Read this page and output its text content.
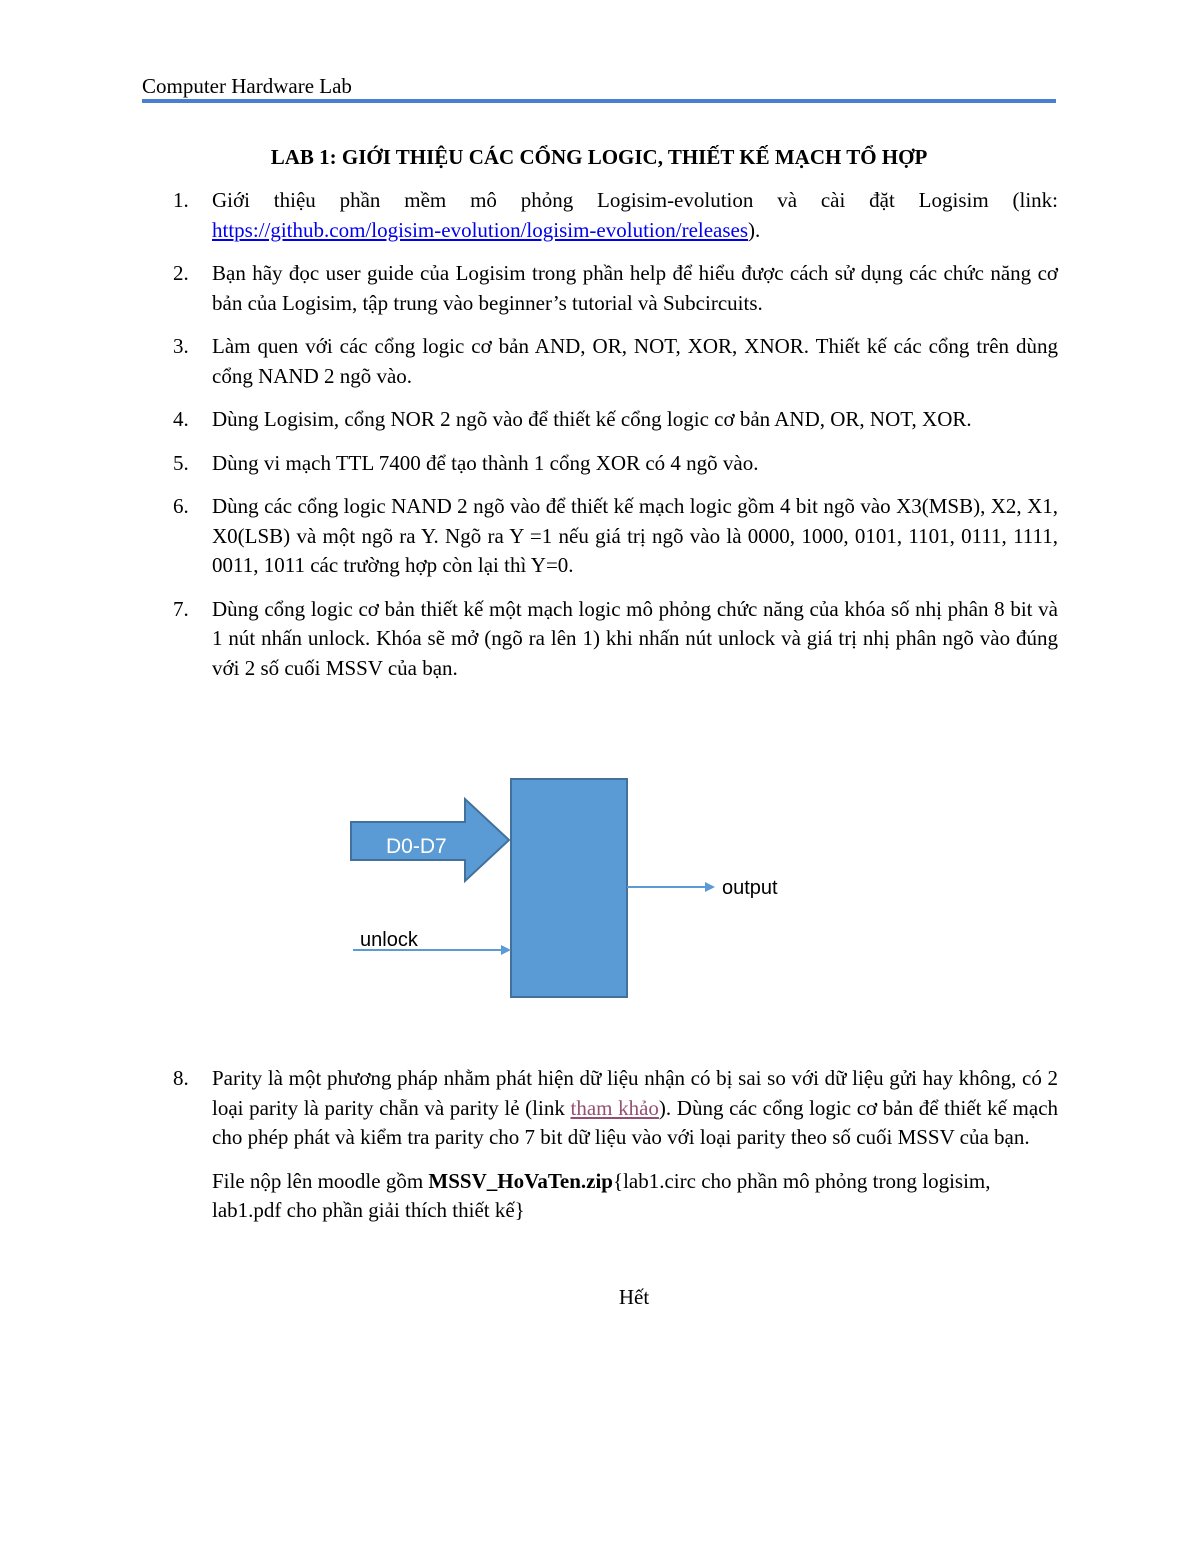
Computer Hardware Lab
LAB 1: GIỚI THIỆU CÁC CỔNG LOGIC, THIẾT KẾ MẠCH TỔ HỢP
1. Giới thiệu phần mềm mô phỏng Logisim-evolution và cài đặt Logisim (link: https://github.com/logisim-evolution/logisim-evolution/releases).
2. Bạn hãy đọc user guide của Logisim trong phần help để hiểu được cách sử dụng các chức năng cơ bản của Logisim, tập trung vào beginner’s tutorial và Subcircuits.
3. Làm quen với các cổng logic cơ bản AND, OR, NOT, XOR, XNOR. Thiết kế các cổng trên dùng cổng NAND 2 ngõ vào.
4. Dùng Logisim, cổng NOR 2 ngõ vào để thiết kế cổng logic cơ bản AND, OR, NOT, XOR.
5. Dùng vi mạch TTL 7400 để tạo thành 1 cổng XOR có 4 ngõ vào.
6. Dùng các cổng logic NAND 2 ngõ vào để thiết kế mạch logic gồm 4 bit ngõ vào X3(MSB), X2, X1, X0(LSB) và một ngõ ra Y. Ngõ ra Y =1 nếu giá trị ngõ vào là 0000, 1000, 0101, 1101, 0111, 1111, 0011, 1011 các trường hợp còn lại thì Y=0.
7. Dùng cổng logic cơ bản thiết kế một mạch logic mô phỏng chức năng của khóa số nhị phân 8 bit và 1 nút nhấn unlock. Khóa sẽ mở (ngõ ra lên 1) khi nhấn nút unlock và giá trị nhị phân ngõ vào đúng với 2 số cuối MSSV của bạn.
D0-D7
output
unlock
8. Parity là một phương pháp nhằm phát hiện dữ liệu nhận có bị sai so với dữ liệu gửi hay không, có 2 loại parity là parity chẵn và parity lẻ (link tham khảo). Dùng các cổng logic cơ bản để thiết kế mạch cho phép phát và kiểm tra parity cho 7 bit dữ liệu vào với loại parity theo số cuối MSSV của bạn.
File nộp lên moodle gồm MSSV_HoVaTen.zip{lab1.circ cho phần mô phỏng trong logisim, lab1.pdf cho phần giải thích thiết kế}
Hết
